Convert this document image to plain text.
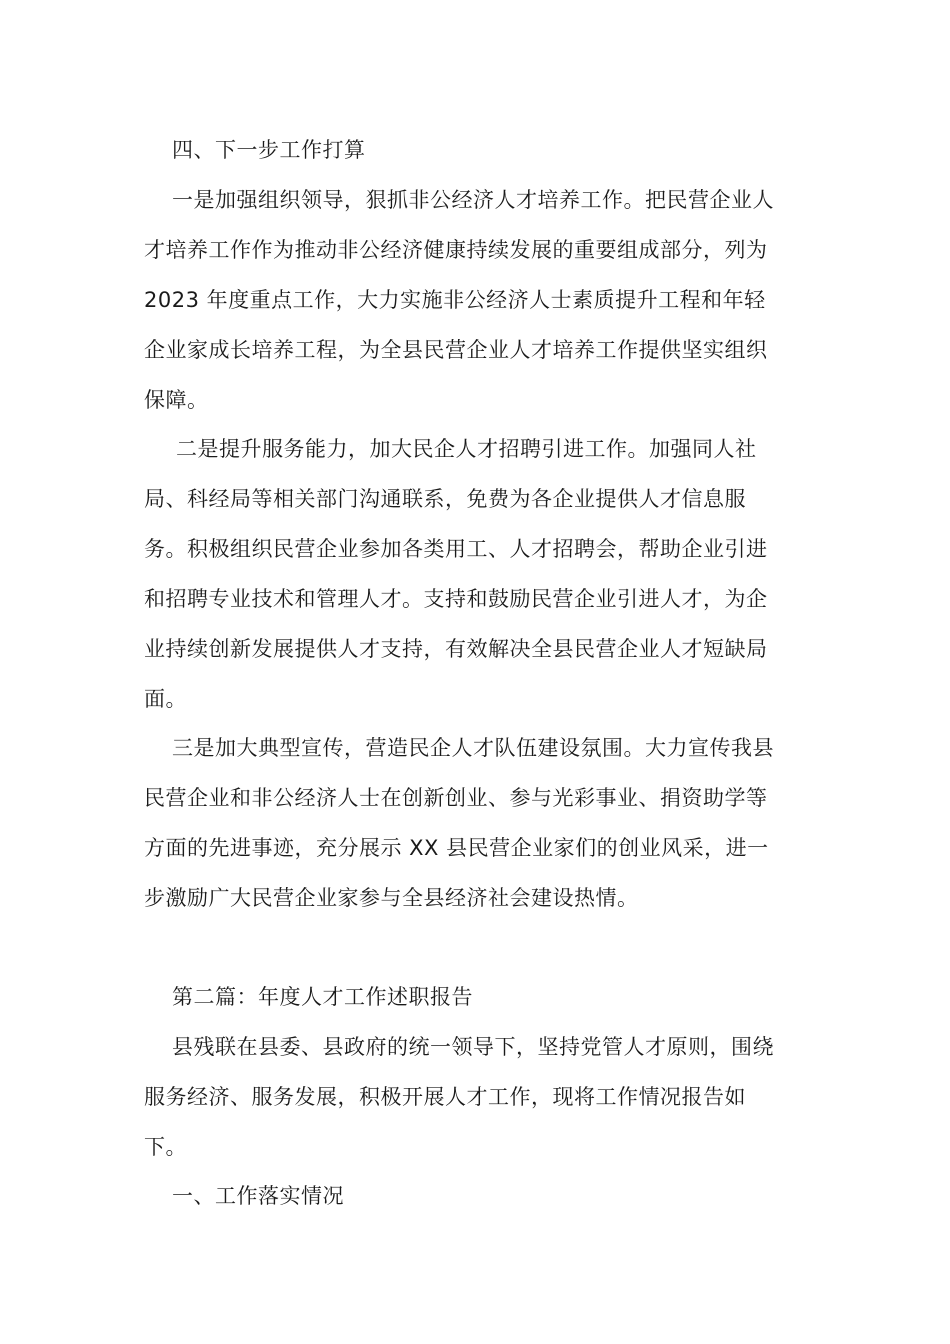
四、下一步工作打算
一是加强组织领导，狠抓非公经济人才培养工作。把民营企业人
才培养工作作为推动非公经济健康持续发展的重要组成部分，列为
2023 年度重点工作，大力实施非公经济人士素质提升工程和年轻
企业家成长培养工程，为全县民营企业人才培养工作提供坚实组织
保障。
二是提升服务能力，加大民企人才招聘引进工作。加强同人社
局、科经局等相关部门沟通联系，免费为各企业提供人才信息服
务。积极组织民营企业参加各类用工、人才招聘会，帮助企业引进
和招聘专业技术和管理人才。支持和鼓励民营企业引进人才，为企
业持续创新发展提供人才支持，有效解决全县民营企业人才短缺局
面。
三是加大典型宣传，营造民企人才队伍建设氛围。大力宣传我县
民营企业和非公经济人士在创新创业、参与光彩事业、捐资助学等
方面的先进事迹，充分展示 XX 县民营企业家们的创业风采，进一
步激励广大民营企业家参与全县经济社会建设热情。
第二篇：年度人才工作述职报告
县残联在县委、县政府的统一领导下，坚持党管人才原则，围绕
服务经济、服务发展，积极开展人才工作，现将工作情况报告如
下。
一、工作落实情况
